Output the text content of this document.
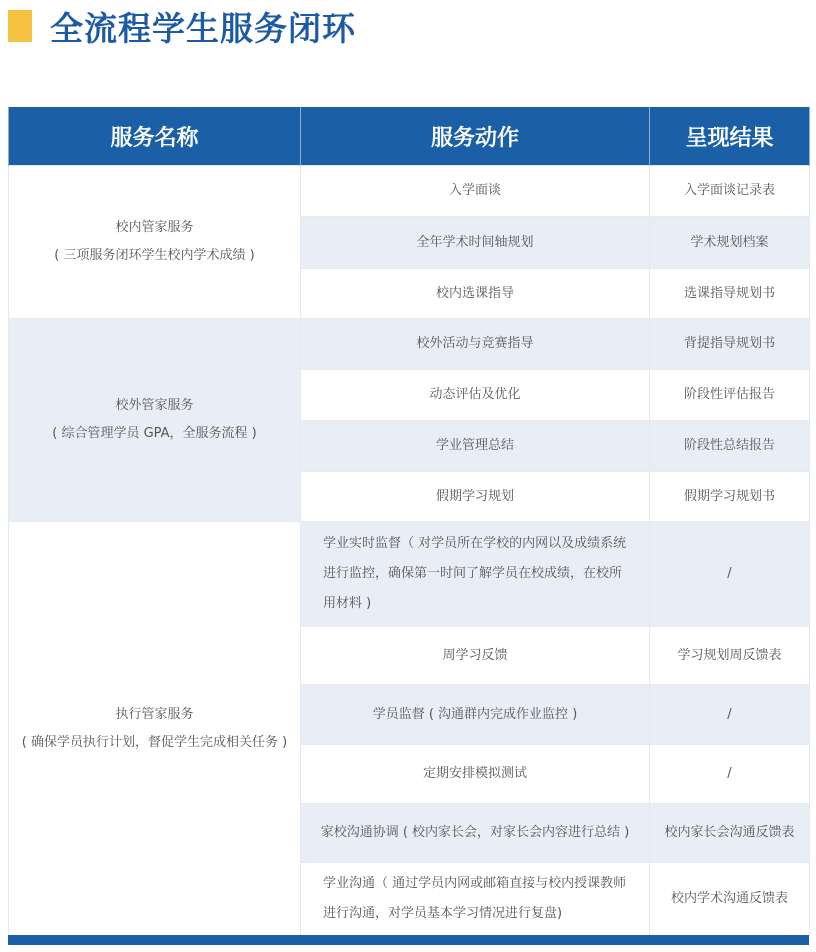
全流程学生服务闭环
服务名称	服务动作	呈现结果

校内管家服务
( 三项服务闭环学生校内学术成绩 )	入学面谈	入学面谈记录表
	全年学术时间轴规划	学术规划档案
	校内选课指导	选课指导规划书

校外管家服务
( 综合管理学员 GPA，全服务流程 )	校外活动与竞赛指导	背提指导规划书
	动态评估及优化	阶段性评估报告
	学业管理总结	阶段性总结报告
	假期学习规划	假期学习规划书

执行管家服务
( 确保学员执行计划，督促学生完成相关任务 )	学业实时监督（ 对学员所在学校的内网以及成绩系统进行监控，确保第一时间了解学员在校成绩，在校所用材料 )	/
	周学习反馈	学习规划周反馈表
	学员监督 ( 沟通群内完成作业监控 )	/
	定期安排模拟测试	/
	家校沟通协调 ( 校内家长会，对家长会内容进行总结 )	校内家长会沟通反馈表
	学业沟通（ 通过学员内网或邮箱直接与校内授课教师进行沟通，对学员基本学习情况进行复盘)	校内学术沟通反馈表
